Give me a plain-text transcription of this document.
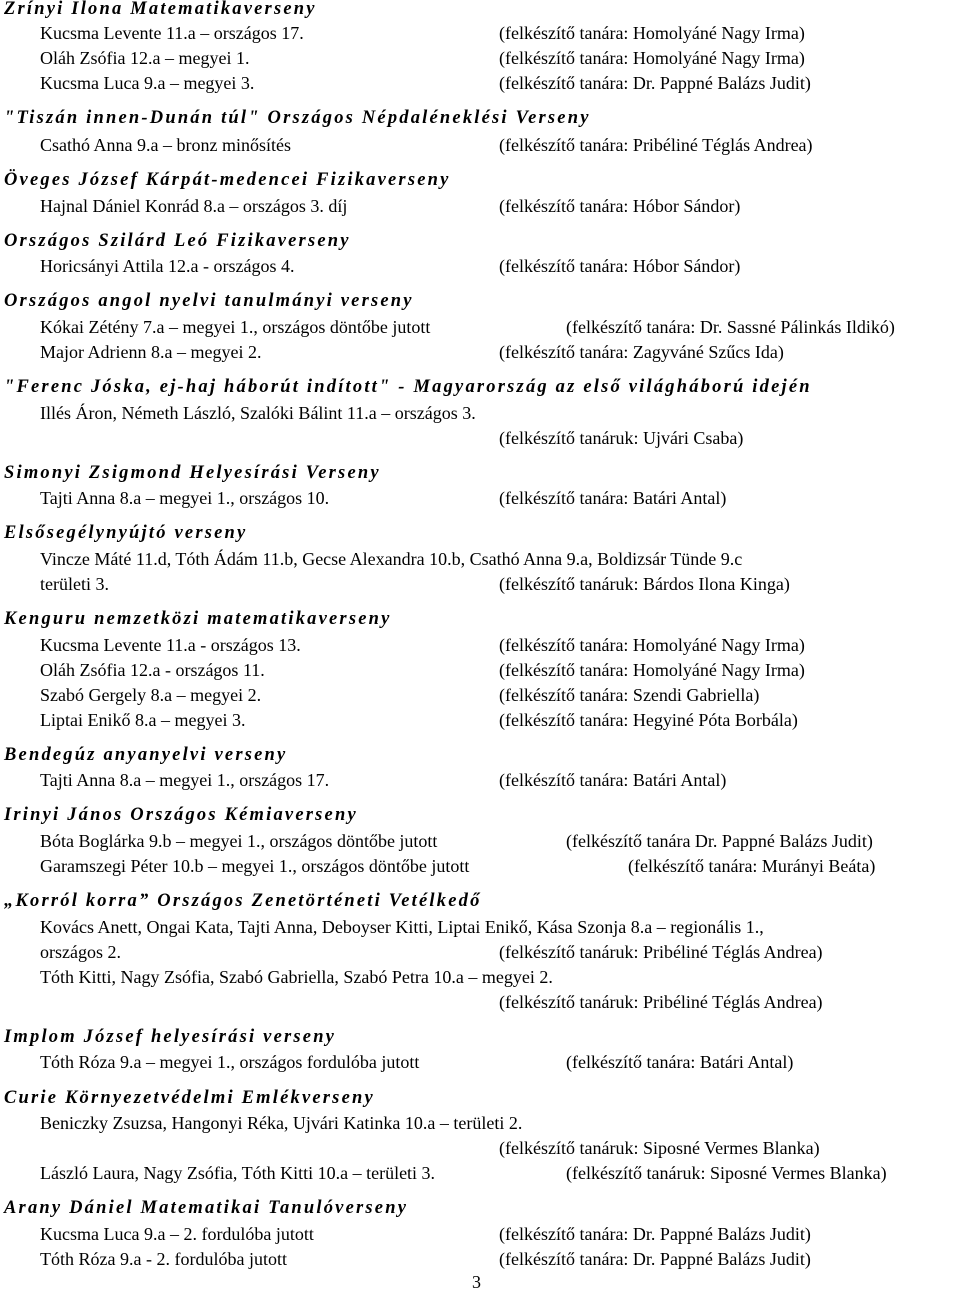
Zrínyi Ilona Matematikaverseny
Kucsma Levente 11.a – országos 17.	(felkészítő tanára: Homolyáné Nagy Irma)
Oláh Zsófia 12.a – megyei 1.	(felkészítő tanára: Homolyáné Nagy Irma)
Kucsma Luca 9.a – megyei 3.	(felkészítő tanára: Dr. Pappné Balázs Judit)
"Tiszán innen-Dunán túl" Országos Népdaléneklési Verseny
Csathó Anna 9.a – bronz minősítés	(felkészítő tanára: Pribéliné Téglás Andrea)
Öveges József Kárpát-medencei Fizikaverseny
Hajnal Dániel Konrád 8.a – országos 3. díj	(felkészítő tanára: Hóbor Sándor)
Országos Szilárd Leó Fizikaverseny
Horicsányi Attila 12.a - országos 4.	(felkészítő tanára: Hóbor Sándor)
Országos angol nyelvi tanulmányi verseny
Kókai Zétény 7.a – megyei 1., országos döntőbe jutott	(felkészítő tanára: Dr. Sassné Pálinkás Ildikó)
Major Adrienn 8.a – megyei 2.	(felkészítő tanára: Zagyváné Szűcs Ida)
"Ferenc Jóska, ej-haj háborút indított" - Magyarország az első világháború idején
Illés Áron, Németh László, Szalóki Bálint 11.a – országos 3.
(felkészítő tanáruk: Ujvári Csaba)
Simonyi Zsigmond Helyesírási Verseny
Tajti Anna 8.a – megyei 1., országos 10.	(felkészítő tanára: Batári Antal)
Elsősegélynyújtó verseny
Vincze Máté 11.d, Tóth Ádám 11.b, Gecse Alexandra 10.b, Csathó Anna 9.a, Boldizsár Tünde 9.c
területi 3.	(felkészítő tanáruk: Bárdos Ilona Kinga)
Kenguru nemzetközi matematikaverseny
Kucsma Levente 11.a - országos 13.	(felkészítő tanára: Homolyáné Nagy Irma)
Oláh Zsófia 12.a - országos 11.	(felkészítő tanára: Homolyáné Nagy Irma)
Szabó Gergely 8.a – megyei 2.	(felkészítő tanára: Szendi Gabriella)
Liptai Enikő 8.a – megyei 3.	(felkészítő tanára: Hegyiné Póta Borbála)
Bendegúz anyanyelvi verseny
Tajti Anna 8.a – megyei 1., országos 17.	(felkészítő tanára: Batári Antal)
Irinyi János Országos Kémiaverseny
Bóta Boglárka 9.b – megyei 1., országos döntőbe jutott	(felkészítő tanára Dr. Pappné Balázs Judit)
Garamszegi Péter 10.b – megyei 1., országos döntőbe jutott	(felkészítő tanára: Murányi Beáta)
„Korról korra” Országos Zenetörténeti Vetélkedő
Kovács Anett, Ongai Kata, Tajti Anna, Deboyser Kitti, Liptai Enikő, Kása Szonja 8.a – regionális 1.,
országos 2.	(felkészítő tanáruk: Pribéliné Téglás Andrea)
Tóth Kitti, Nagy Zsófia, Szabó Gabriella, Szabó Petra 10.a – megyei 2.
(felkészítő tanáruk: Pribéliné Téglás Andrea)
Implom József helyesírási verseny
Tóth Róza 9.a – megyei 1., országos fordulóba jutott	(felkészítő tanára: Batári Antal)
Curie Környezetvédelmi Emlékverseny
Beniczky Zsuzsa, Hangonyi Réka, Ujvári Katinka 10.a – területi 2.
(felkészítő tanáruk: Siposné Vermes Blanka)
László Laura, Nagy Zsófia, Tóth Kitti 10.a – területi 3.	(felkészítő tanáruk: Siposné Vermes Blanka)
Arany Dániel Matematikai Tanulóverseny
Kucsma Luca 9.a – 2. fordulóba jutott	(felkészítő tanára: Dr. Pappné Balázs Judit)
Tóth Róza 9.a - 2. fordulóba jutott	(felkészítő tanára: Dr. Pappné Balázs Judit)
3
